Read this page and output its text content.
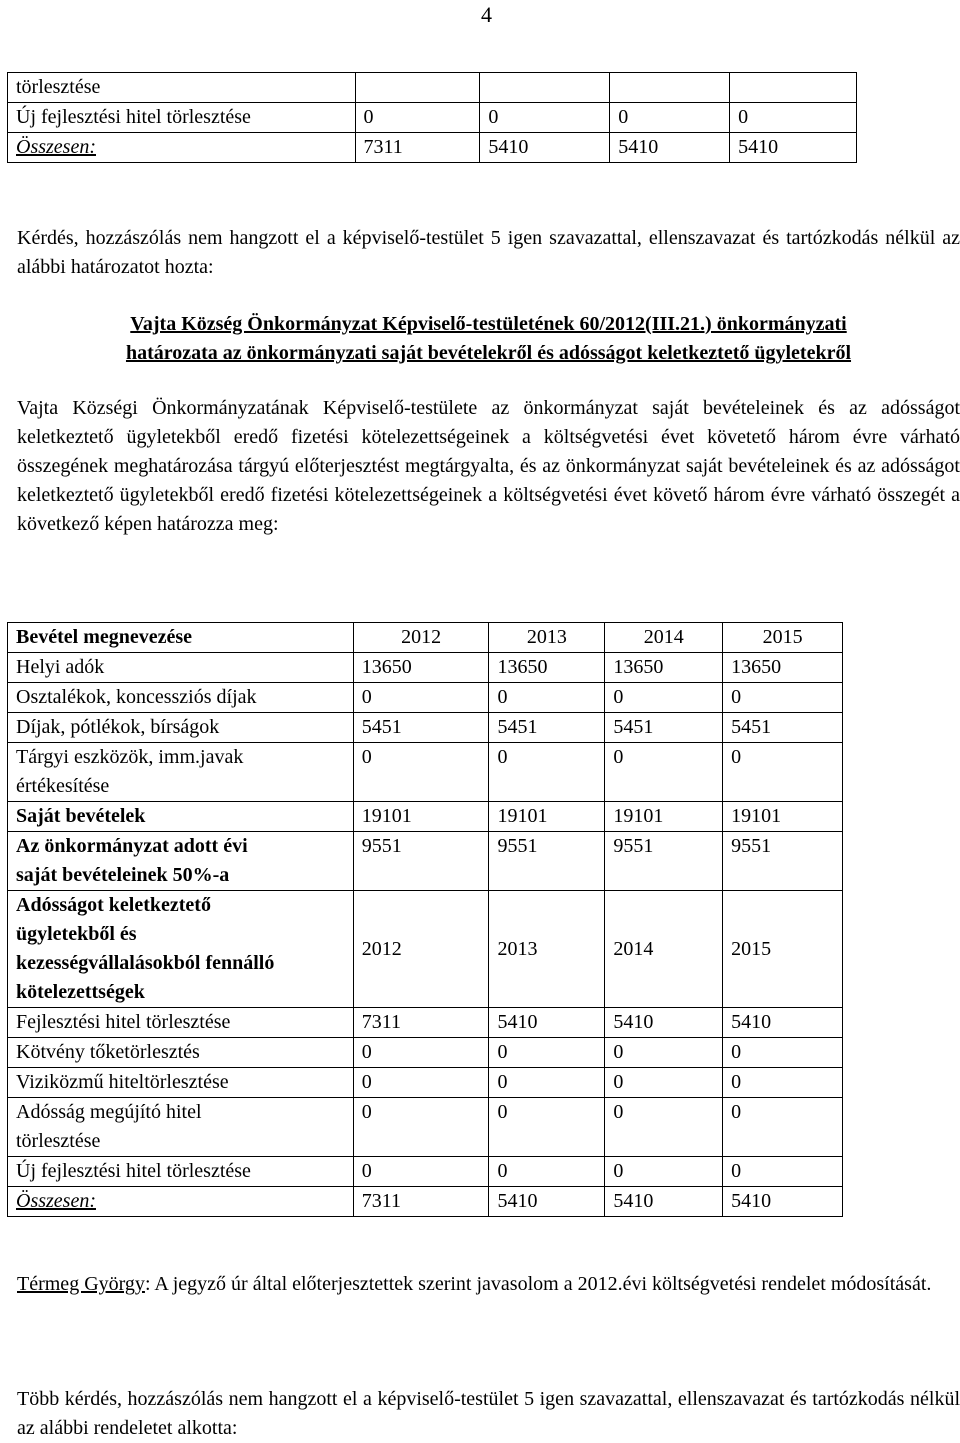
4
törlesztése				
Új fejlesztési hitel törlesztése	0	0	0	0
Összesen:	7311	5410	5410	5410
Kérdés, hozzászólás nem hangzott el a képviselő-testület 5 igen szavazattal, ellenszavazat és tartózkodás nélkül az alábbi határozatot hozta:
Vajta Község Önkormányzat Képviselő-testületének 60/2012(III.21.) önkormányzati
határozata az önkormányzati saját bevételekről és adósságot keletkeztető ügyletekről
Vajta Községi Önkormányzatának Képviselő-testülete az önkormányzat saját bevételeinek és az adósságot keletkeztető ügyletekből eredő fizetési kötelezettségeinek a költségvetési évet követető három évre várható összegének meghatározása tárgyú előterjesztést megtárgyalta, és az önkormányzat saját bevételeinek és az adósságot keletkeztető ügyletekből eredő fizetési kötelezettségeinek a költségvetési évet követő három évre várható összegét a következő képen határozza meg:
Bevétel megnevezése	2012	2013	2014	2015
Helyi adók	13650	13650	13650	13650
Osztalékok, koncessziós díjak	0	0	0	0
Díjak, pótlékok, bírságok	5451	5451	5451	5451
Tárgyi eszközök, imm.javak értékesítése	0	0	0	0
Saját bevételek	19101	19101	19101	19101
Az önkormányzat adott évi saját bevételeinek 50%-a	9551	9551	9551	9551
Adósságot keletkeztető ügyletekből és kezességvállalásokból fennálló kötelezettségek	2012	2013	2014	2015
Fejlesztési hitel törlesztése	7311	5410	5410	5410
Kötvény tőketörlesztés	0	0	0	0
Viziközmű hiteltörlesztése	0	0	0	0
Adósság megújító hitel törlesztése	0	0	0	0
Új fejlesztési hitel törlesztése	0	0	0	0
Összesen:	7311	5410	5410	5410
Térmeg György: A jegyző úr által előterjesztettek szerint javasolom a 2012.évi költségvetési rendelet módosítását.
Több kérdés, hozzászólás nem hangzott el a képviselő-testület 5 igen szavazattal, ellenszavazat és tartózkodás nélkül az alábbi rendeletet alkotta:
